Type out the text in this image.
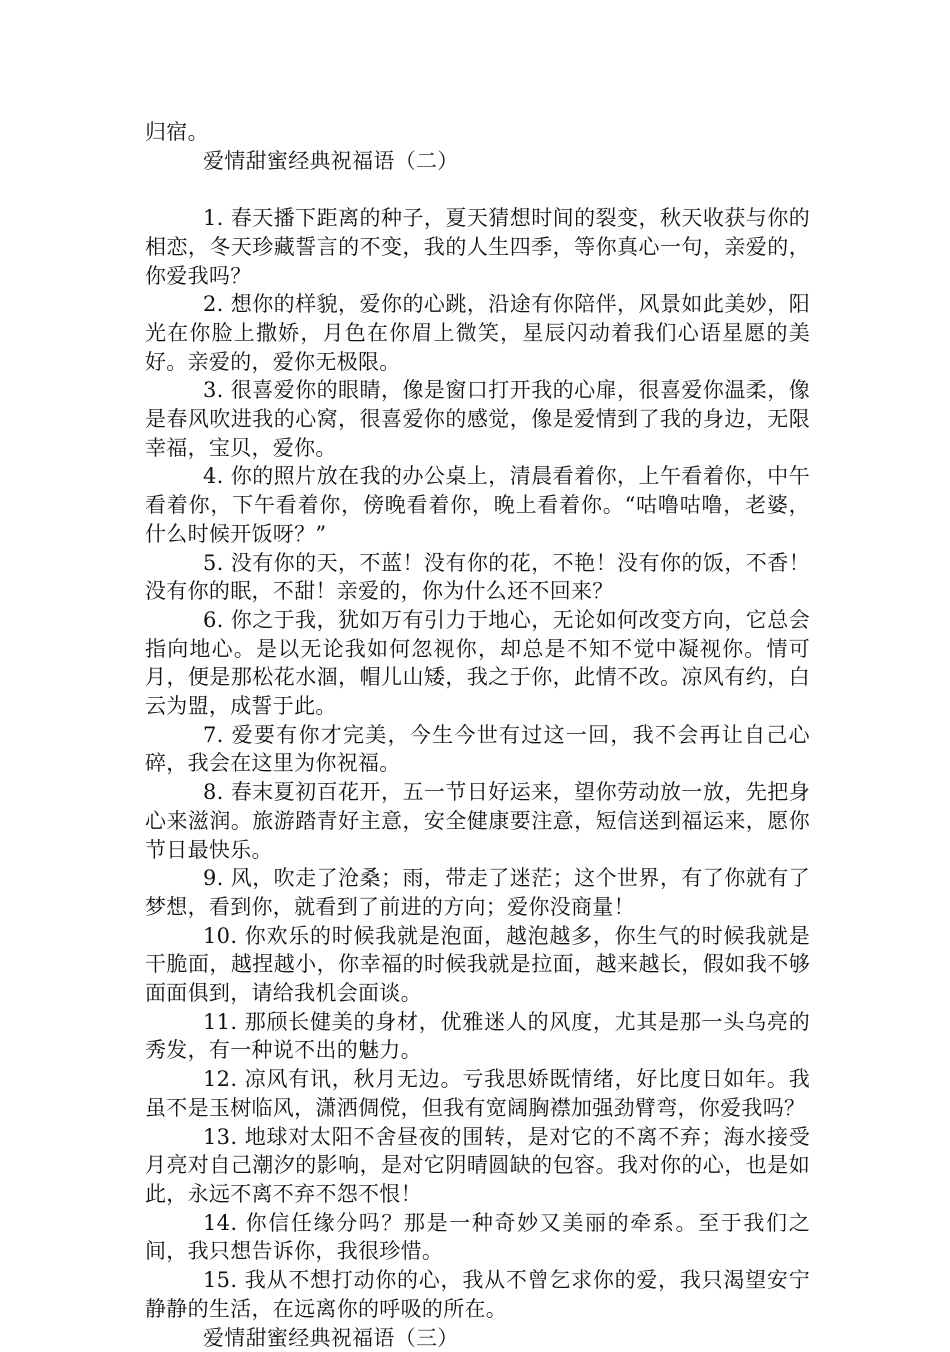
归宿。

爱情甜蜜经典祝福语（二）

1. 春天播下距离的种子，夏天猜想时间的裂变，秋天收获与你的相恋，冬天珍藏誓言的不变，我的人生四季，等你真心一句，亲爱的，你爱我吗？

2. 想你的样貌，爱你的心跳，沿途有你陪伴，风景如此美妙，阳光在你脸上撒娇，月色在你眉上微笑，星辰闪动着我们心语星愿的美好。亲爱的，爱你无极限。

3. 很喜爱你的眼睛，像是窗口打开我的心扉，很喜爱你温柔，像是春风吹进我的心窝，很喜爱你的感觉，像是爱情到了我的身边，无限幸福，宝贝，爱你。

4. 你的照片放在我的办公桌上，清晨看着你，上午看着你，中午看着你，下午看着你，傍晚看着你，晚上看着你。“咕噜咕噜，老婆，什么时候开饭呀？”

5. 没有你的天，不蓝！没有你的花，不艳！没有你的饭，不香！没有你的眠，不甜！亲爱的，你为什么还不回来？

6. 你之于我，犹如万有引力于地心，无论如何改变方向，它总会指向地心。是以无论我如何忽视你，却总是不知不觉中凝视你。情可月，便是那松花水涸，帽儿山矮，我之于你，此情不改。凉风有约，白云为盟，成誓于此。

7. 爱要有你才完美，今生今世有过这一回，我不会再让自己心碎，我会在这里为你祝福。

8. 春末夏初百花开，五一节日好运来，望你劳动放一放，先把身心来滋润。旅游踏青好主意，安全健康要注意，短信送到福运来，愿你节日最快乐。

9. 风，吹走了沧桑；雨，带走了迷茫；这个世界，有了你就有了梦想，看到你，就看到了前进的方向；爱你没商量！

10. 你欢乐的时候我就是泡面，越泡越多，你生气的时候我就是干脆面，越捏越小，你幸福的时候我就是拉面，越来越长，假如我不够面面俱到，请给我机会面谈。

11. 那颀长健美的身材，优雅迷人的风度，尤其是那一头乌亮的秀发，有一种说不出的魅力。

12. 凉风有讯，秋月无边。亏我思娇既情绪，好比度日如年。我虽不是玉树临风，潇洒倜傥，但我有宽阔胸襟加强劲臂弯，你爱我吗？

13. 地球对太阳不舍昼夜的围转，是对它的不离不弃；海水接受月亮对自己潮汐的影响，是对它阴晴圆缺的包容。我对你的心，也是如此，永远不离不弃不怨不恨！

14. 你信任缘分吗？那是一种奇妙又美丽的牵系。至于我们之间，我只想告诉你，我很珍惜。

15. 我从不想打动你的心，我从不曾乞求你的爱，我只渴望安宁静静的生活，在远离你的呼吸的所在。

爱情甜蜜经典祝福语（三）
